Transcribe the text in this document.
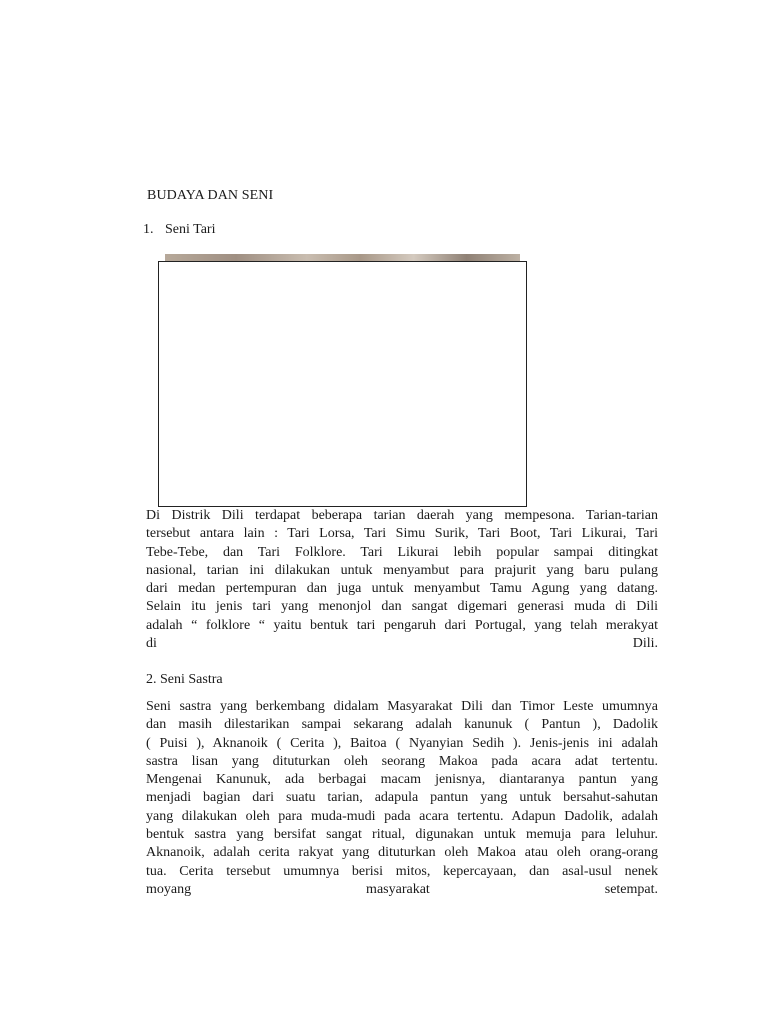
BUDAYA DAN SENI
1. Seni Tari
Di Distrik Dili terdapat beberapa tarian daerah yang mempesona. Tarian-tarian
tersebut antara lain : Tari Lorsa, Tari Simu Surik, Tari Boot, Tari Likurai, Tari
Tebe-Tebe, dan Tari Folklore. Tari Likurai lebih popular sampai ditingkat
nasional, tarian ini dilakukan untuk menyambut para prajurit yang baru pulang
dari medan pertempuran dan juga untuk menyambut Tamu Agung yang datang.
Selain itu jenis tari yang menonjol dan sangat digemari generasi muda di Dili
adalah “ folklore “ yaitu bentuk tari pengaruh dari Portugal, yang telah merakyat
di Dili.
2. Seni Sastra
Seni sastra yang berkembang didalam Masyarakat Dili dan Timor Leste umumnya
dan masih dilestarikan sampai sekarang adalah kanunuk ( Pantun ), Dadolik
( Puisi ), Aknanoik ( Cerita ), Baitoa ( Nyanyian Sedih ). Jenis-jenis ini adalah
sastra lisan yang dituturkan oleh seorang Makoa pada acara adat tertentu.
Mengenai Kanunuk, ada berbagai macam jenisnya, diantaranya pantun yang
menjadi bagian dari suatu tarian, adapula pantun yang untuk bersahut-sahutan
yang dilakukan oleh para muda-mudi pada acara tertentu. Adapun Dadolik, adalah
bentuk sastra yang bersifat sangat ritual, digunakan untuk memuja para leluhur.
Aknanoik, adalah cerita rakyat yang dituturkan oleh Makoa atau oleh orang-orang
tua. Cerita tersebut umumnya berisi mitos, kepercayaan, dan asal-usul nenek
moyang masyarakat setempat.
